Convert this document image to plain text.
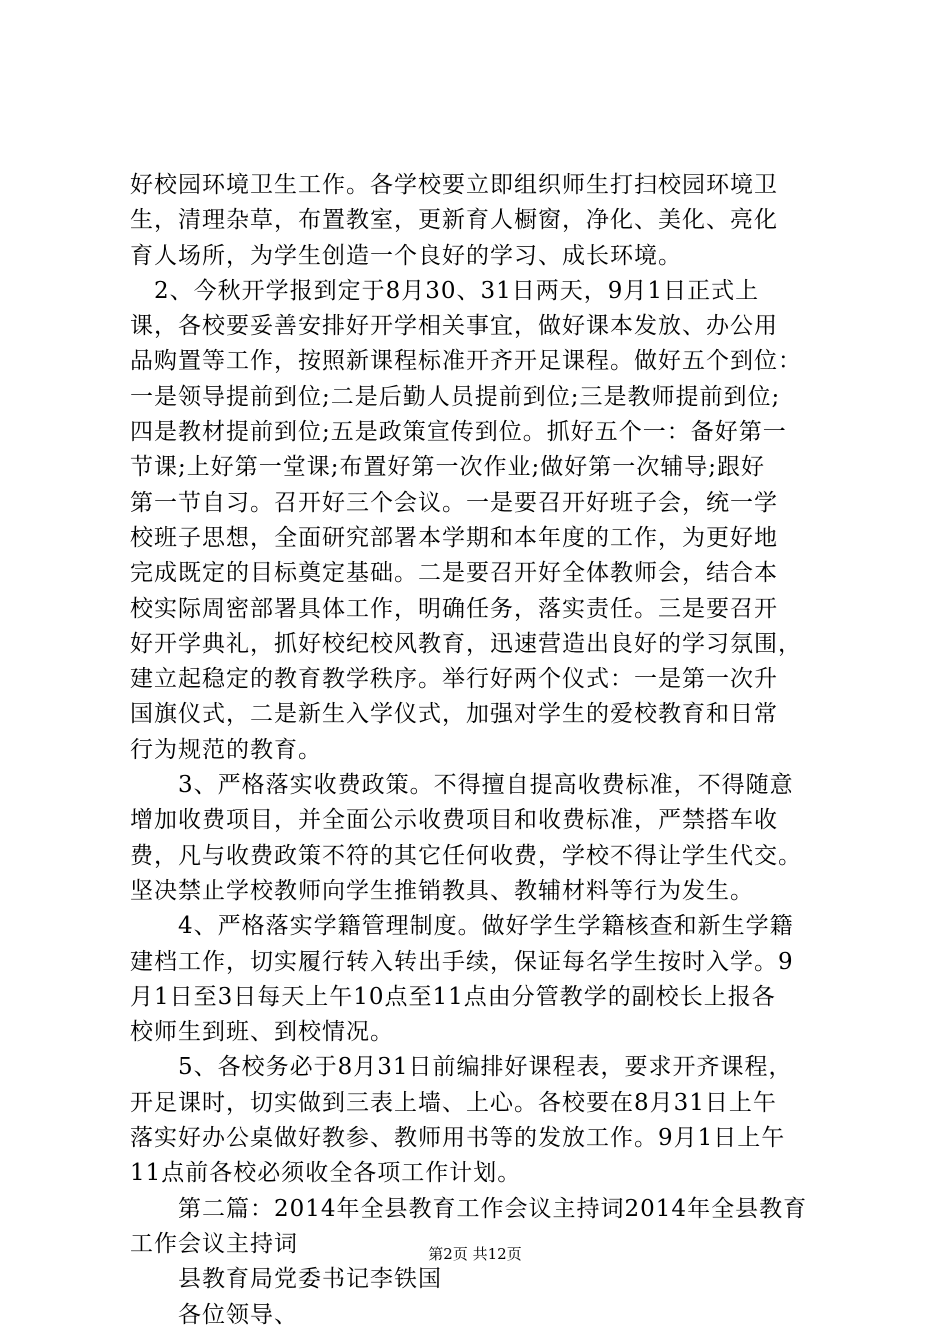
好校园环境卫生工作。各学校要立即组织师生打扫校园环境卫
生，清理杂草，布置教室，更新育人橱窗，净化、美化、亮化
育人场所，为学生创造一个良好的学习、成长环境。
　2、今秋开学报到定于8月30、31日两天，9月1日正式上
课，各校要妥善安排好开学相关事宜，做好课本发放、办公用
品购置等工作，按照新课程标准开齐开足课程。做好五个到位：
一是领导提前到位;二是后勤人员提前到位;三是教师提前到位;
四是教材提前到位;五是政策宣传到位。抓好五个一：备好第一
节课;上好第一堂课;布置好第一次作业;做好第一次辅导;跟好
第一节自习。召开好三个会议。一是要召开好班子会，统一学
校班子思想，全面研究部署本学期和本年度的工作，为更好地
完成既定的目标奠定基础。二是要召开好全体教师会，结合本
校实际周密部署具体工作，明确任务，落实责任。三是要召开
好开学典礼，抓好校纪校风教育，迅速营造出良好的学习氛围，
建立起稳定的教育教学秩序。举行好两个仪式：一是第一次升
国旗仪式，二是新生入学仪式，加强对学生的爱校教育和日常
行为规范的教育。
　　3、严格落实收费政策。不得擅自提高收费标准，不得随意
增加收费项目，并全面公示收费项目和收费标准，严禁搭车收
费，凡与收费政策不符的其它任何收费，学校不得让学生代交。
坚决禁止学校教师向学生推销教具、教辅材料等行为发生。
　　4、严格落实学籍管理制度。做好学生学籍核查和新生学籍
建档工作，切实履行转入转出手续，保证每名学生按时入学。9
月1日至3日每天上午10点至11点由分管教学的副校长上报各
校师生到班、到校情况。
　　5、各校务必于8月31日前编排好课程表，要求开齐课程，
开足课时，切实做到三表上墙、上心。各校要在8月31日上午
落实好办公桌做好教参、教师用书等的发放工作。9月1日上午
11点前各校必须收全各项工作计划。
　　第二篇：2014年全县教育工作会议主持词2014年全县教育
工作会议主持词
　　县教育局党委书记李铁国
　　各位领导、
第2页 共12页
